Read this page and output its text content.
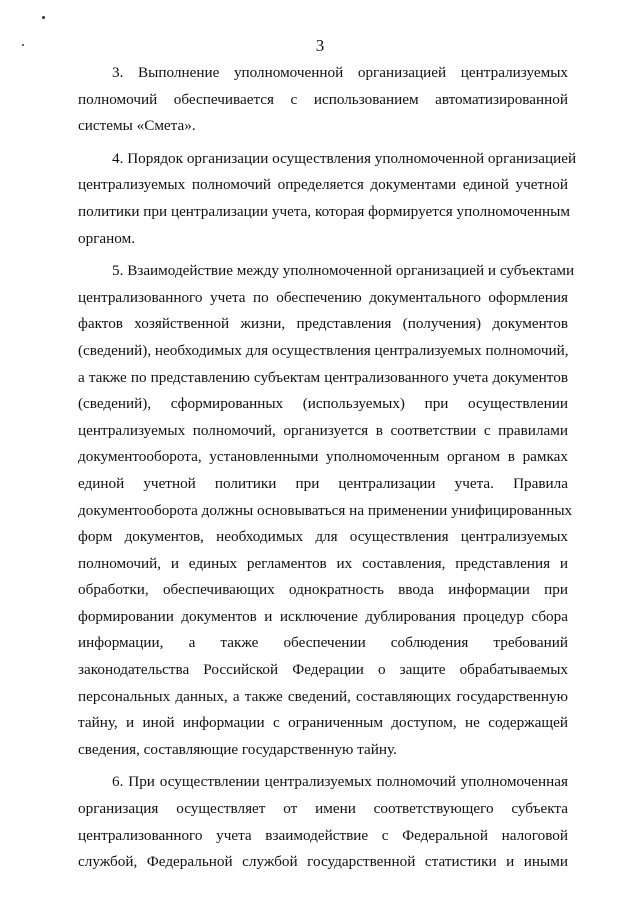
3
3. Выполнение уполномоченной организацией централизуемых
полномочий обеспечивается с использованием автоматизированной
системы «Смета».
4. Порядок организации осуществления уполномоченной организацией
централизуемых полномочий определяется документами единой учетной
политики при централизации учета, которая формируется уполномоченным
органом.
5. Взаимодействие между уполномоченной организацией и субъектами
централизованного учета по обеспечению документального оформления
фактов хозяйственной жизни, представления (получения) документов
(сведений), необходимых для осуществления централизуемых полномочий,
а также по представлению субъектам централизованного учета документов
(сведений), сформированных (используемых) при осуществлении
централизуемых полномочий, организуется в соответствии с правилами
документооборота, установленными уполномоченным органом в рамках
единой учетной политики при централизации учета. Правила
документооборота должны основываться на применении унифицированных
форм документов, необходимых для осуществления централизуемых
полномочий, и единых регламентов их составления, представления и
обработки, обеспечивающих однократность ввода информации при
формировании документов и исключение дублирования процедур сбора
информации, а также обеспечении соблюдения требований
законодательства Российской Федерации о защите обрабатываемых
персональных данных, а также сведений, составляющих государственную
тайну, и иной информации с ограниченным доступом, не содержащей
сведения, составляющие государственную тайну.
6. При осуществлении централизуемых полномочий уполномоченная
организация осуществляет от имени соответствующего субъекта
централизованного учета взаимодействие с Федеральной налоговой
службой, Федеральной службой государственной статистики и иными
